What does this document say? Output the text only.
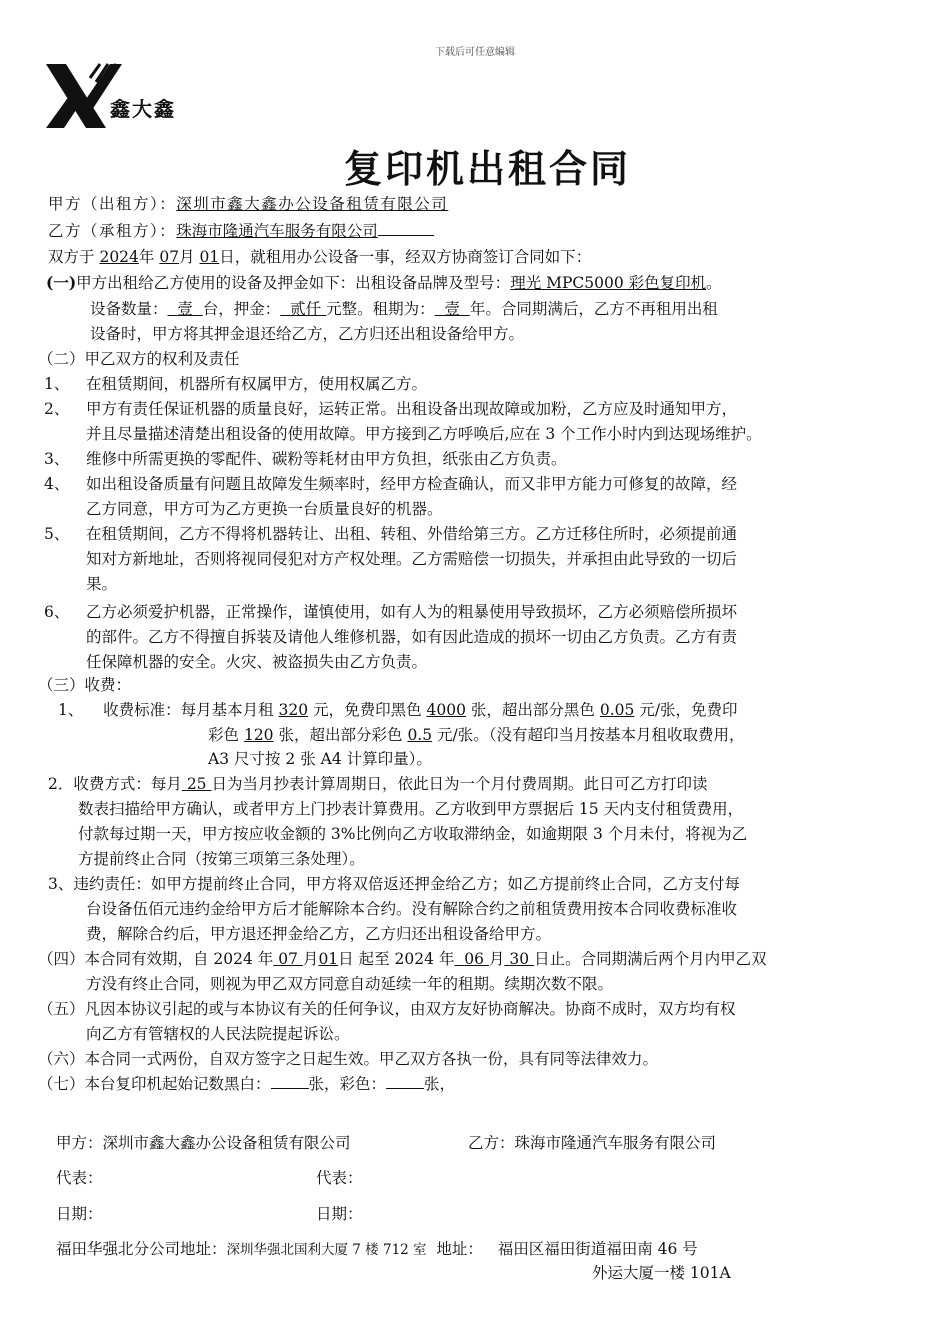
下载后可任意编辑
鑫大鑫
复印机出租合同
甲方（出租方）：深圳市鑫大鑫办公设备租赁有限公司
乙方（承租方）：珠海市隆通汽车服务有限公司
双方于 2024年 07月 01日，就租用办公设备一事，经双方协商签订合同如下：
(一)甲方出租给乙方使用的设备及押金如下：出租设备品牌及型号：理光 MPC5000 彩色复印机。
设备数量： 壹 台，押金： 贰仟 元整。租期为： 壹 年。合同期满后，乙方不再租用出租
设备时，甲方将其押金退还给乙方，乙方归还出租设备给甲方。
（二）甲乙双方的权利及责任
1、 在租赁期间，机器所有权属甲方，使用权属乙方。
2、 甲方有责任保证机器的质量良好，运转正常。出租设备出现故障或加粉，乙方应及时通知甲方，
并且尽量描述清楚出租设备的使用故障。甲方接到乙方呼唤后,应在 3 个工作小时内到达现场维护。
3、 维修中所需更换的零配件、碳粉等耗材由甲方负担，纸张由乙方负责。
4、 如出租设备质量有问题且故障发生频率时，经甲方检查确认，而又非甲方能力可修复的故障，经
乙方同意，甲方可为乙方更换一台质量良好的机器。
5、 在租赁期间，乙方不得将机器转让、出租、转租、外借给第三方。乙方迁移住所时，必须提前通
知对方新地址，否则将视同侵犯对方产权处理。乙方需赔偿一切损失，并承担由此导致的一切后
果。
6、 乙方必须爱护机器，正常操作，谨慎使用，如有人为的粗暴使用导致损坏，乙方必须赔偿所损坏
的部件。乙方不得擅自拆装及请他人维修机器，如有因此造成的损坏一切由乙方负责。乙方有责
任保障机器的安全。火灾、被盗损失由乙方负责。
（三）收费：
1、 收费标准：每月基本月租 320 元，免费印黑色 4000 张，超出部分黑色 0.05 元/张，免费印
彩色 120 张，超出部分彩色 0.5 元/张。（没有超印当月按基本月租收取费用，
A3 尺寸按 2 张 A4 计算印量）。
2．收费方式：每月 25 日为当月抄表计算周期日，依此日为一个月付费周期。此日可乙方打印读
数表扫描给甲方确认，或者甲方上门抄表计算费用。乙方收到甲方票据后 15 天内支付租赁费用，
付款每过期一天，甲方按应收金额的 3%比例向乙方收取滞纳金，如逾期限 3 个月未付，将视为乙
方提前终止合同（按第三项第三条处理）。
3、违约责任：如甲方提前终止合同，甲方将双倍返还押金给乙方；如乙方提前终止合同，乙方支付每
台设备伍佰元违约金给甲方后才能解除本合约。没有解除合约之前租赁费用按本合同收费标准收
费，解除合约后，甲方退还押金给乙方，乙方归还出租设备给甲方。
（四）本合同有效期，自 2024 年 07 月01日 起至 2024 年 06 月 30 日止。合同期满后两个月内甲乙双
方没有终止合同，则视为甲乙双方同意自动延续一年的租期。续期次数不限。
（五）凡因本协议引起的或与本协议有关的任何争议，由双方友好协商解决。协商不成时，双方均有权
向乙方有管辖权的人民法院提起诉讼。
（六）本合同一式两份，自双方签字之日起生效。甲乙双方各执一份，具有同等法律效力。
（七）本台复印机起始记数黑白： 张，彩色： 张，
甲方：深圳市鑫大鑫办公设备租赁有限公司	乙方：珠海市隆通汽车服务有限公司
代表：	代表：
日期：	日期：
福田华强北分公司地址：深圳华强北国利大厦 7 楼 712 室 地址： 福田区福田街道福田南 46 号
外运大厦一楼 101A
